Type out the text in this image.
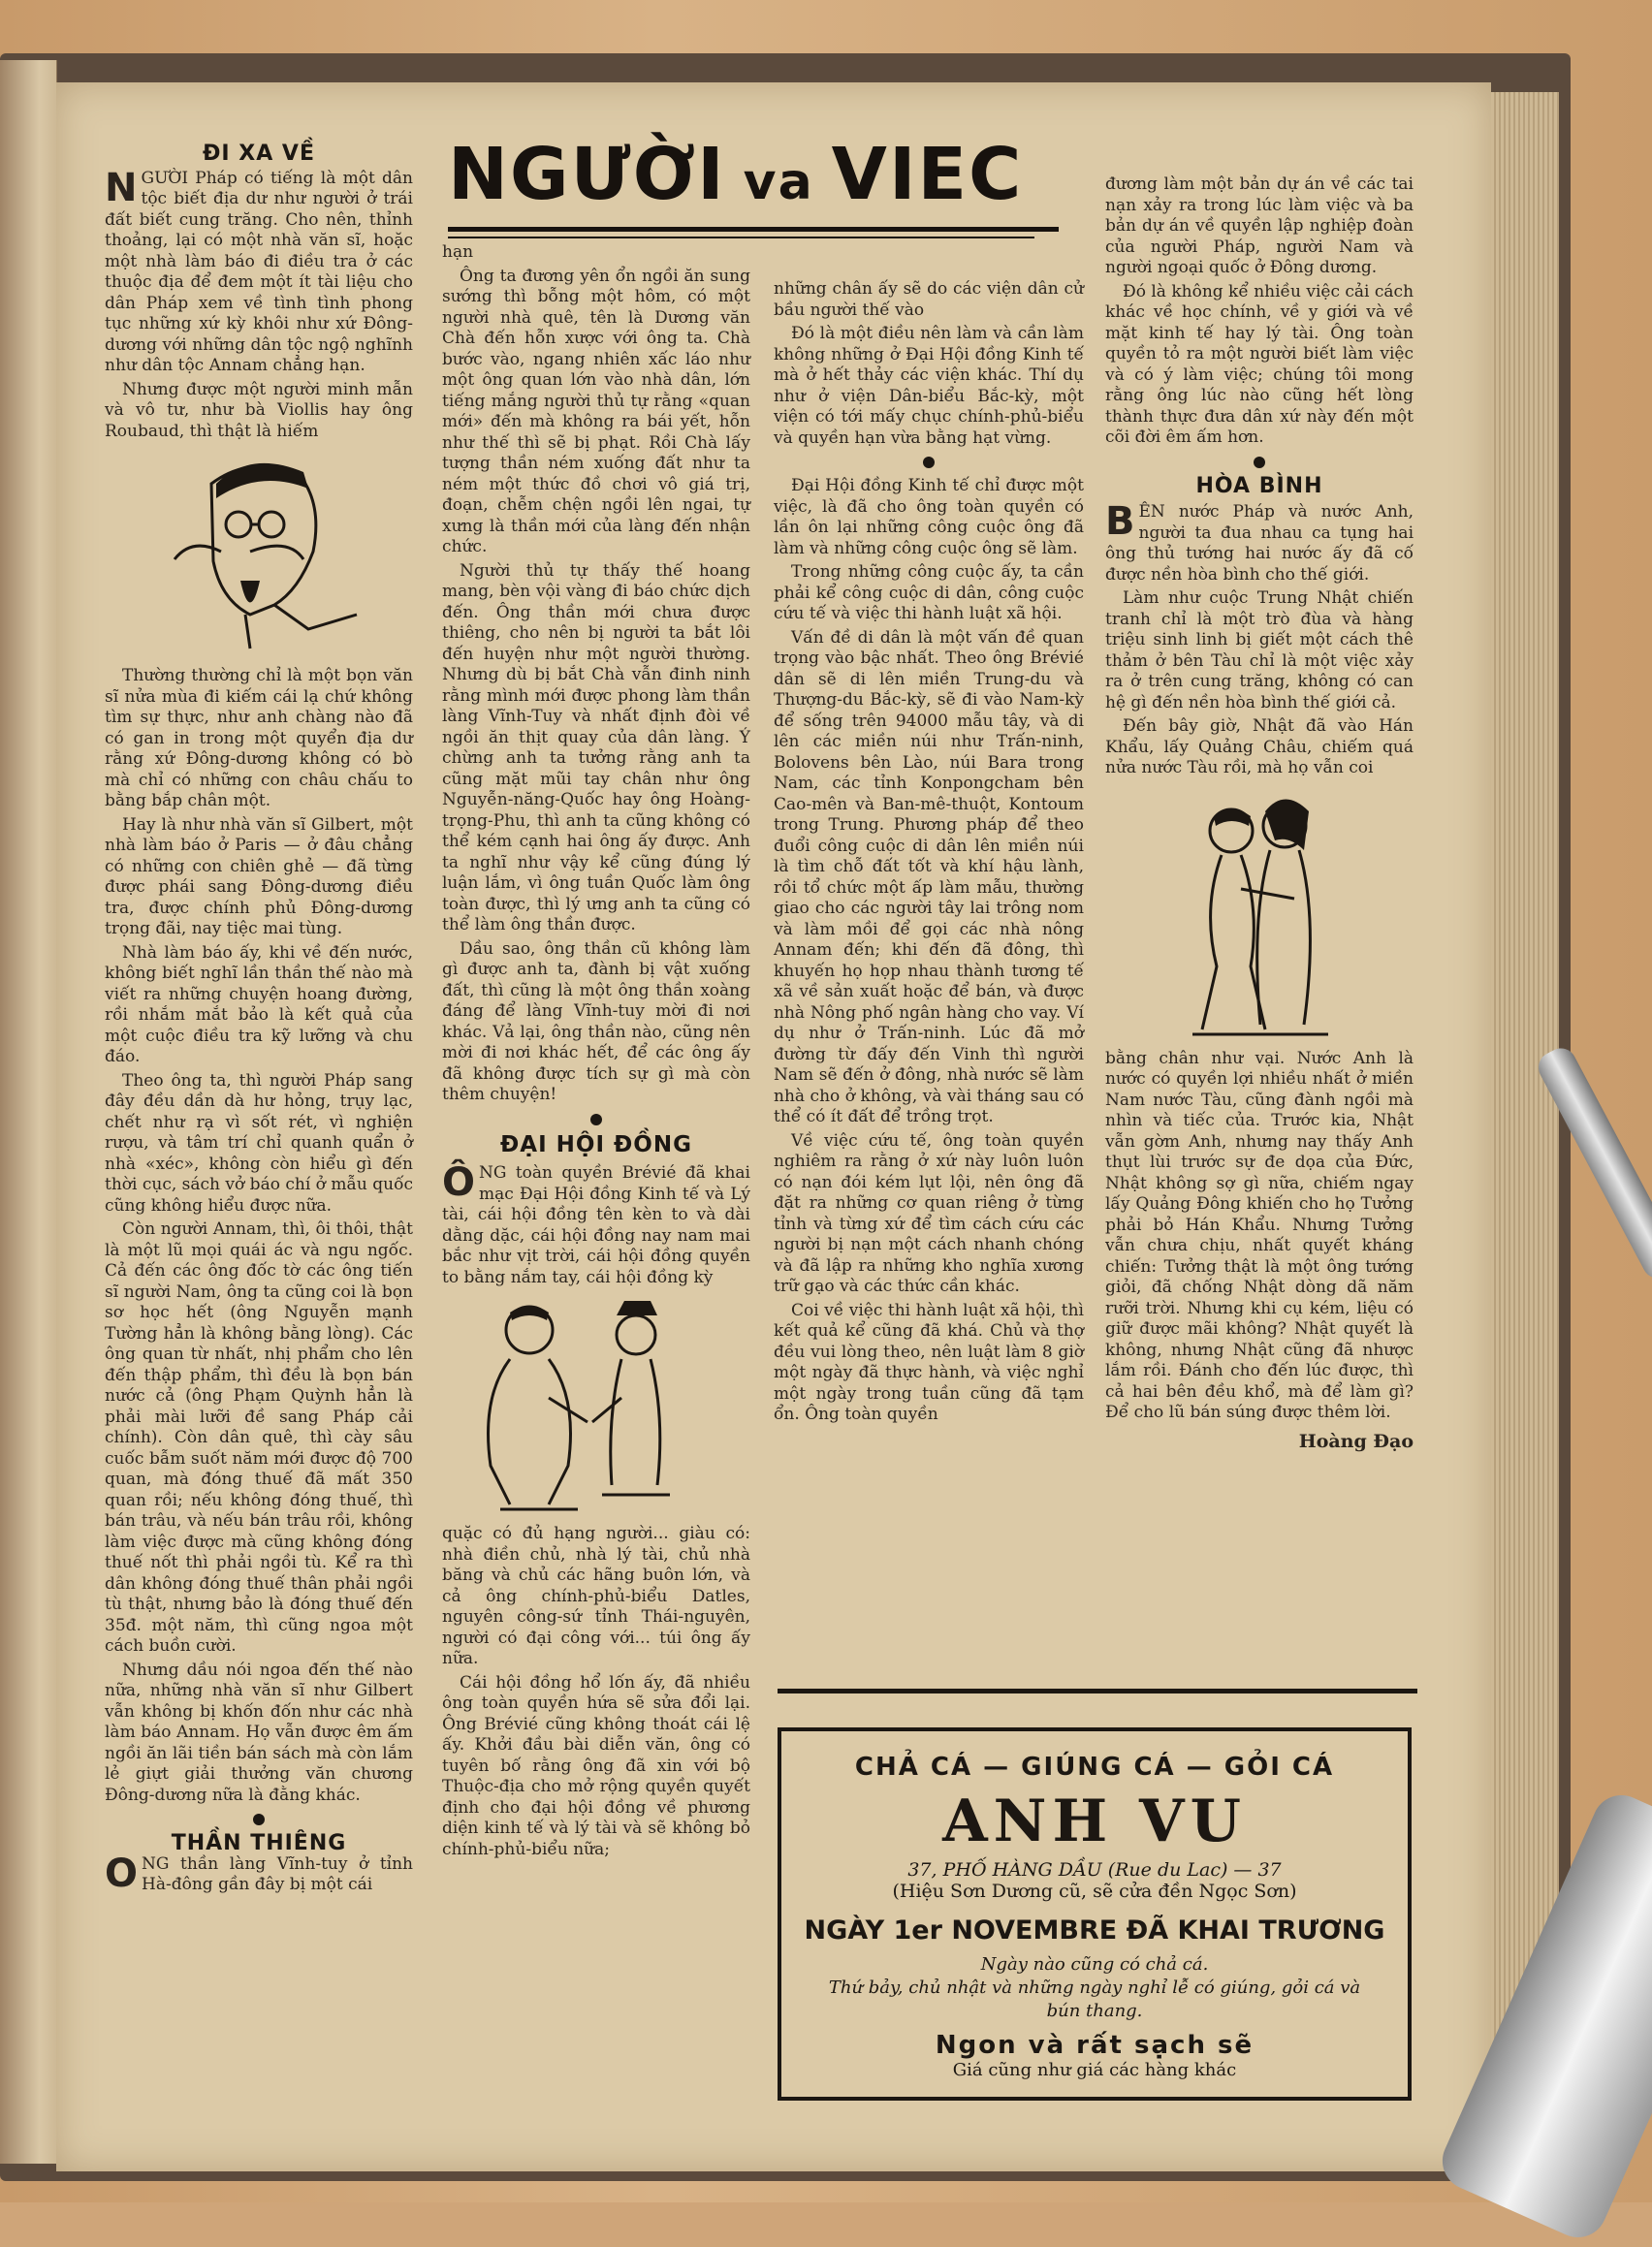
NGƯỜI va VIEC
ĐI XA VỀ

NGƯỜI Pháp có tiếng là một dân tộc biết địa dư như người ở trái đất biết cung trăng. Cho nên, thỉnh thoảng, lại có một nhà văn sĩ, hoặc một nhà làm báo đi điều tra ở các thuộc địa để đem một ít tài liệu cho dân Pháp xem về tình tình phong tục những xứ kỳ khôi như xứ Đông-dương với những dân tộc ngộ nghĩnh như dân tộc Annam chẳng hạn.

Nhưng được một người minh mẫn và vô tư, như bà Viollis hay ông Roubaud, thì thật là hiếm

Thường thường chỉ là một bọn văn sĩ nửa mùa đi kiếm cái lạ chứ không tìm sự thực, như anh chàng nào đã có gan in trong một quyển địa dư rằng xứ Đông-dương không có bò mà chỉ có những con châu chấu to bằng bắp chân một.

Hay là như nhà văn sĩ Gilbert, một nhà làm báo ở Paris — ở đâu chẳng có những con chiên ghẻ — đã từng được phái sang Đông-dương điều tra, được chính phủ Đông-dương trọng đãi, nay tiệc mai tùng.

Nhà làm báo ấy, khi về đến nước, không biết nghĩ lần thần thế nào mà viết ra những chuyện hoang đường, rồi nhắm mắt bảo là kết quả của một cuộc điều tra kỹ lưỡng và chu đáo.

Theo ông ta, thì người Pháp sang đây đều dần dà hư hỏng, trụy lạc, chết như rạ vì sốt rét, vì nghiện rượu, và tâm trí chỉ quanh quẩn ở nhà «xéc», không còn hiểu gì đến thời cục, sách vở báo chí ở mẫu quốc cũng không hiểu được nữa.

Còn người Annam, thì, ôi thôi, thật là một lũ mọi quái ác và ngu ngốc. Cả đến các ông đốc tờ các ông tiến sĩ người Nam, ông ta cũng coi là bọn sơ học hết (ông Nguyễn mạnh Tường hẳn là không bằng lòng). Các ông quan từ nhất, nhị phẩm cho lên đến thập phẩm, thì đều là bọn bán nước cả (ông Phạm Quỳnh hẳn là phải mài lưỡi đề sang Pháp cải chính). Còn dân quê, thì cày sâu cuốc bẫm suốt năm mới được độ 700 quan, mà đóng thuế đã mất 350 quan rồi; nếu không đóng thuế, thì bán trâu, và nếu bán trâu rồi, không làm việc được mà cũng không đóng thuế nốt thì phải ngồi tù. Kể ra thì dân không đóng thuế thân phải ngồi tù thật, nhưng bảo là đóng thuế đến 35đ. một năm, thì cũng ngoa một cách buồn cười.

Nhưng dầu nói ngoa đến thế nào nữa, những nhà văn sĩ như Gilbert vẫn không bị khốn đốn như các nhà làm báo Annam. Họ vẫn được êm ấm ngồi ăn lãi tiền bán sách mà còn lắm lẻ giựt giải thưởng văn chương Đông-dương nữa là đằng khác.

THẦN THIÊNG

ONG thần làng Vĩnh-tuy ở tỉnh Hà-đông gần đây bị một cái

hạn

Ông ta đương yên ổn ngồi ăn sung sướng thì bỗng một hôm, có một người nhà quê, tên là Dương văn Chà đến hỗn xược với ông ta. Chà bước vào, ngang nhiên xấc láo như một ông quan lớn vào nhà dân, lớn tiếng mắng người thủ tự rằng «quan mới» đến mà không ra bái yết, hỗn như thế thì sẽ bị phạt. Rồi Chà lấy tượng thần ném xuống đất như ta ném một thức đồ chơi vô giá trị, đoạn, chễm chện ngồi lên ngai, tự xưng là thần mới của làng đến nhận chức.

Người thủ tự thấy thế hoang mang, bèn vội vàng đi báo chức dịch đến. Ông thần mới chưa được thiêng, cho nên bị người ta bắt lôi đến huyện như một người thường. Nhưng dù bị bắt Chà vẫn đinh ninh rằng mình mới được phong làm thần làng Vĩnh-Tuy và nhất định đòi về ngồi ăn thịt quay của dân làng. Ý chừng anh ta tưởng rằng anh ta cũng mặt mũi tay chân như ông Nguyễn-năng-Quốc hay ông Hoàng-trọng-Phu, thì anh ta cũng không có thể kém cạnh hai ông ấy được. Anh ta nghĩ như vậy kể cũng đúng lý luận lắm, vì ông tuần Quốc làm ông toàn được, thì lý ưng anh ta cũng có thể làm ông thần được.

Dầu sao, ông thần cũ không làm gì được anh ta, đành bị vật xuống đất, thì cũng là một ông thần xoàng đáng để làng Vĩnh-tuy mời đi nơi khác. Vả lại, ông thần nào, cũng nên mời đi nơi khác hết, để các ông ấy đã không được tích sự gì mà còn thêm chuyện!

ĐẠI HỘI ĐỒNG

ÔNG toàn quyền Brévié đã khai mạc Đại Hội đồng Kinh tế và Lý tài, cái hội đồng tên kèn to và dài dằng dặc, cái hội đồng nay nam mai bắc như vịt trời, cái hội đồng quyền to bằng nắm tay, cái hội đồng kỳ

quặc có đủ hạng người... giàu có: nhà điền chủ, nhà lý tài, chủ nhà băng và chủ các hãng buôn lớn, và cả ông chính-phủ-biểu Datles, nguyên công-sứ tỉnh Thái-nguyên, người có đại công với... túi ông ấy nữa.

Cái hội đồng hổ lốn ấy, đã nhiều ông toàn quyền hứa sẽ sửa đổi lại. Ông Brévié cũng không thoát cái lệ ấy. Khởi đầu bài diễn văn, ông có tuyên bố rằng ông đã xin với bộ Thuộc-địa cho mở rộng quyền quyết định cho đại hội đồng về phương diện kinh tế và lý tài và sẽ không bỏ chính-phủ-biểu nữa;

những chân ấy sẽ do các viện dân cử bầu người thế vào

Đó là một điều nên làm và cần làm không những ở Đại Hội đồng Kinh tế mà ở hết thảy các viện khác. Thí dụ như ở viện Dân-biểu Bắc-kỳ, một viện có tới mấy chục chính-phủ-biểu và quyền hạn vừa bằng hạt vừng.

Đại Hội đồng Kinh tế chỉ được một việc, là đã cho ông toàn quyền có lần ôn lại những công cuộc ông đã làm và những công cuộc ông sẽ làm.

Trong những công cuộc ấy, ta cần phải kể công cuộc di dân, công cuộc cứu tế và việc thi hành luật xã hội.

Vấn đề di dân là một vấn đề quan trọng vào bậc nhất. Theo ông Brévié dân sẽ di lên miền Trung-du và Thượng-du Bắc-kỳ, sẽ đi vào Nam-kỳ để sống trên 94000 mẫu tây, và di lên các miền núi như Trấn-ninh, Bolovens bên Lào, núi Bara trong Nam, các tỉnh Konpongcham bên Cao-mên và Ban-mê-thuột, Kontoum trong Trung. Phương pháp để theo đuổi công cuộc di dân lên miền núi là tìm chỗ đất tốt và khí hậu lành, rồi tổ chức một ấp làm mẫu, thường giao cho các người tây lai trông nom và làm mồi để gọi các nhà nông Annam đến; khi đến đã đông, thì khuyến họ họp nhau thành tương tế xã về sản xuất hoặc để bán, và được nhà Nông phố ngân hàng cho vay. Ví dụ như ở Trấn-ninh. Lúc đã mở đường từ đấy đến Vinh thì người Nam sẽ đến ở đông, nhà nước sẽ làm nhà cho ở không, và vài tháng sau có thể có ít đất để trồng trọt.

Về việc cứu tế, ông toàn quyền nghiêm ra rằng ở xứ này luôn luôn có nạn đói kém lụt lội, nên ông đã đặt ra những cơ quan riêng ở từng tỉnh và từng xứ để tìm cách cứu các người bị nạn một cách nhanh chóng và đã lập ra những kho nghĩa xương trữ gạo và các thức cần khác.

Coi về việc thi hành luật xã hội, thì kết quả kể cũng đã khá. Chủ và thợ đều vui lòng theo, nên luật làm 8 giờ một ngày đã thực hành, và việc nghỉ một ngày trong tuần cũng đã tạm ổn. Ông toàn quyền

đương làm một bản dự án về các tai nạn xảy ra trong lúc làm việc và ba bản dự án về quyền lập nghiệp đoàn của người Pháp, người Nam và người ngoại quốc ở Đông dương.

Đó là không kể nhiều việc cải cách khác về học chính, về y giới và về mặt kinh tế hay lý tài. Ông toàn quyền tỏ ra một người biết làm việc và có ý làm việc; chúng tôi mong rằng ông lúc nào cũng hết lòng thành thực đưa dân xứ này đến một cõi đời êm ấm hơn.

HÒA BÌNH

BÊN nước Pháp và nước Anh, người ta đua nhau ca tụng hai ông thủ tướng hai nước ấy đã cố được nền hòa bình cho thế giới.

Làm như cuộc Trung Nhật chiến tranh chỉ là một trò đùa và hàng triệu sinh linh bị giết một cách thê thảm ở bên Tàu chỉ là một việc xảy ra ở trên cung trăng, không có can hệ gì đến nền hòa bình thế giới cả.

Đến bây giờ, Nhật đã vào Hán Khẩu, lấy Quảng Châu, chiếm quá nửa nước Tàu rồi, mà họ vẫn coi

bằng chân như vại. Nước Anh là nước có quyền lợi nhiều nhất ở miền Nam nước Tàu, cũng đành ngồi mà nhìn và tiếc của. Trước kia, Nhật vẫn gờm Anh, nhưng nay thấy Anh thụt lùi trước sự đe dọa của Đức, Nhật không sợ gì nữa, chiếm ngay lấy Quảng Đông khiến cho họ Tưởng phải bỏ Hán Khẩu. Nhưng Tưởng vẫn chưa chịu, nhất quyết kháng chiến: Tưởng thật là một ông tướng giỏi, đã chống Nhật dòng dã năm rưỡi trời. Nhưng khi cụ kém, liệu có giữ được mãi không? Nhật quyết là không, nhưng Nhật cũng đã nhược lắm rồi. Đánh cho đến lúc được, thì cả hai bên đều khổ, mà để làm gì? Để cho lũ bán súng được thêm lời.

Hoàng Đạo
CHẢ CÁ — GIÚNG CÁ — GỎI CÁ
ANH VU
37, PHỐ HÀNG DẦU (Rue du Lac) — 37
(Hiệu Sơn Dương cũ, sẽ cửa đền Ngọc Sơn)
NGÀY 1er NOVEMBRE ĐÃ KHAI TRƯƠNG
Ngày nào cũng có chả cá.
Thứ bảy, chủ nhật và những ngày nghỉ lễ có giúng, gỏi cá và bún thang.
Ngon và rất sạch sẽ
Giá cũng như giá các hàng khác
